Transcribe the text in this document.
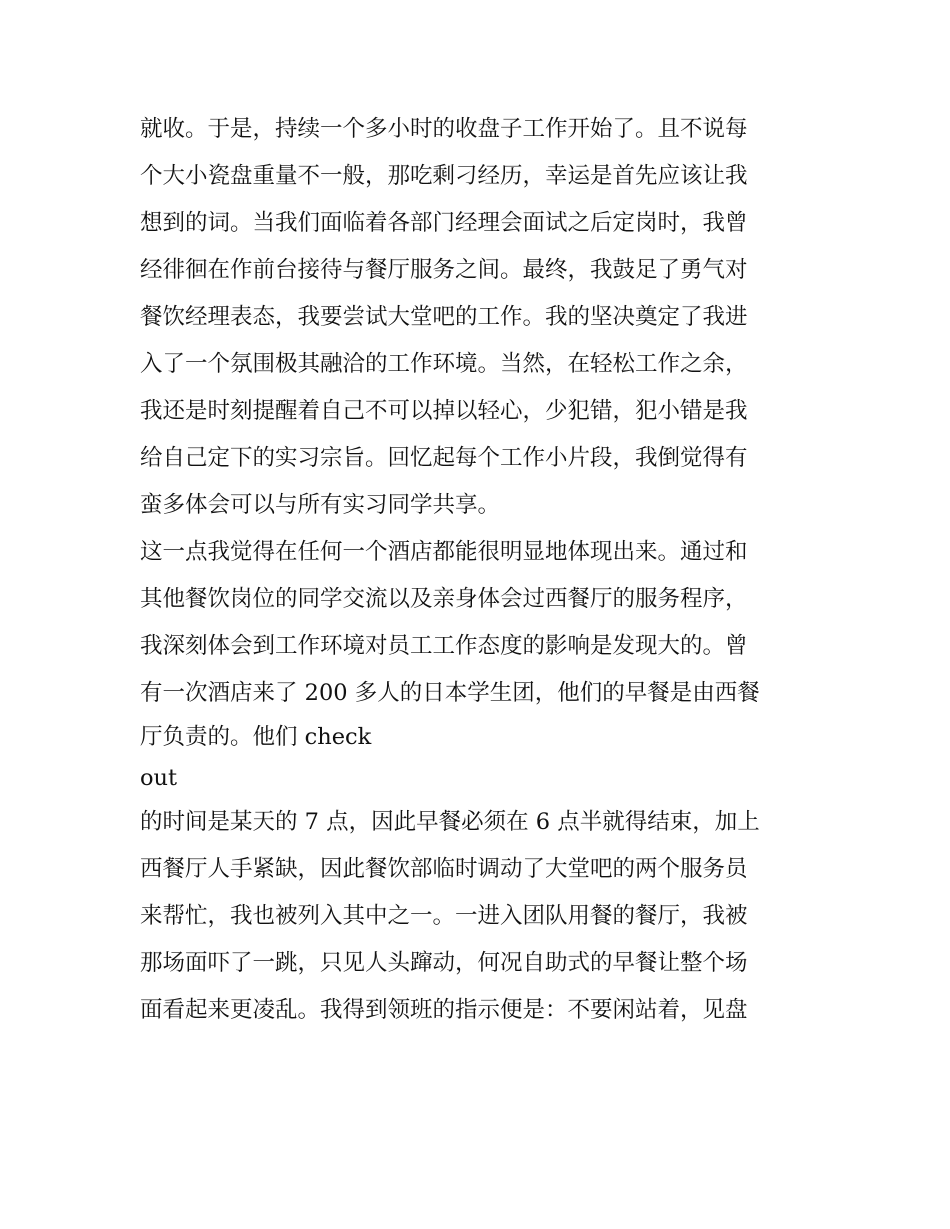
就收。于是，持续一个多小时的收盘子工作开始了。且不说每
个大小瓷盘重量不一般，那吃剩刁经历，幸运是首先应该让我
想到的词。当我们面临着各部门经理会面试之后定岗时，我曾
经徘徊在作前台接待与餐厅服务之间。最终，我鼓足了勇气对
餐饮经理表态，我要尝试大堂吧的工作。我的坚决奠定了我进
入了一个氛围极其融洽的工作环境。当然，在轻松工作之余，
我还是时刻提醒着自己不可以掉以轻心，少犯错，犯小错是我
给自己定下的实习宗旨。回忆起每个工作小片段，我倒觉得有
蛮多体会可以与所有实习同学共享。
这一点我觉得在任何一个酒店都能很明显地体现出来。通过和
其他餐饮岗位的同学交流以及亲身体会过西餐厅的服务程序，
我深刻体会到工作环境对员工工作态度的影响是发现大的。曾
有一次酒店来了 200 多人的日本学生团，他们的早餐是由西餐
厅负责的。他们 check
out
的时间是某天的 7 点，因此早餐必须在 6 点半就得结束，加上
西餐厅人手紧缺，因此餐饮部临时调动了大堂吧的两个服务员
来帮忙，我也被列入其中之一。一进入团队用餐的餐厅，我被
那场面吓了一跳，只见人头蹿动，何况自助式的早餐让整个场
面看起来更凌乱。我得到领班的指示便是：不要闲站着，见盘
